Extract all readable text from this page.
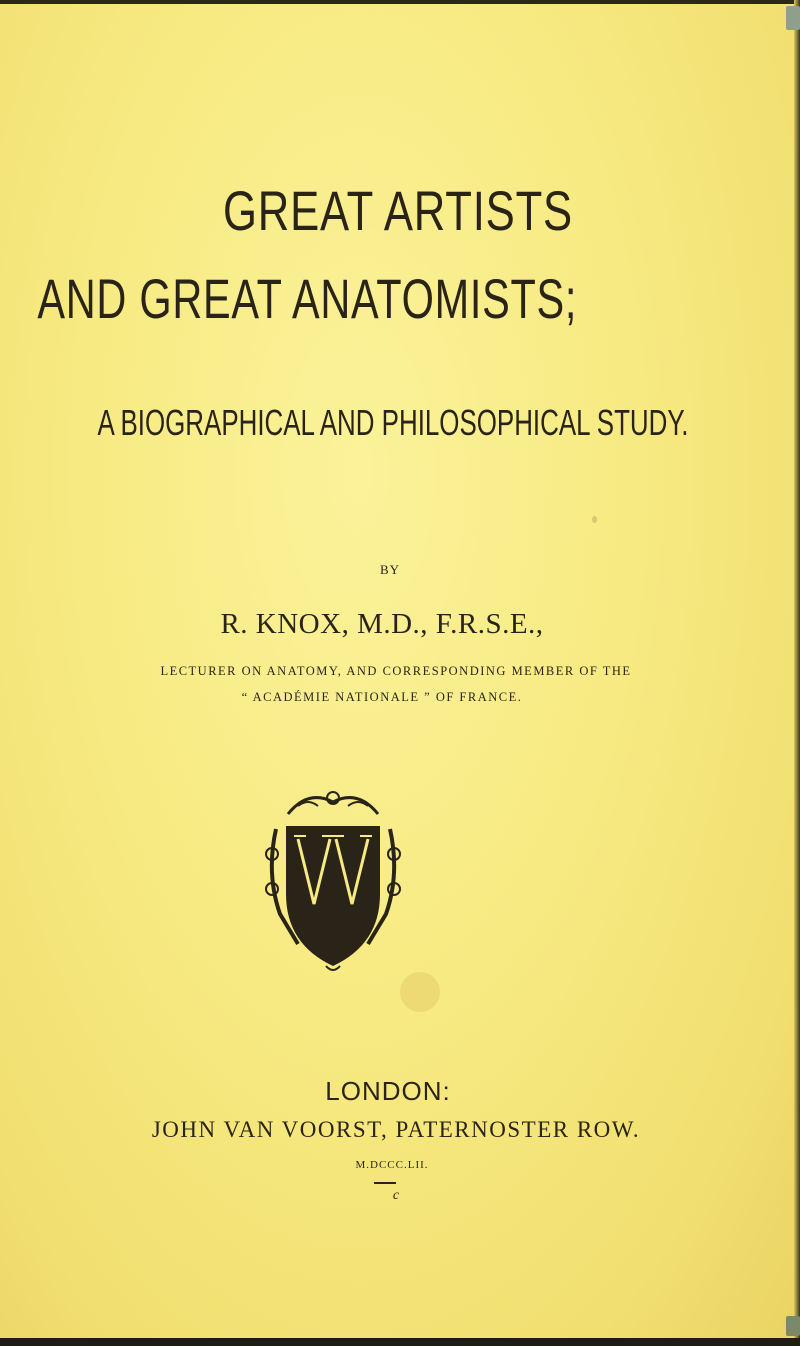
GREAT ARTISTS
AND GREAT ANATOMISTS;
A BIOGRAPHICAL AND PHILOSOPHICAL STUDY.
BY
R. KNOX, M.D., F.R.S.E.,
LECTURER ON ANATOMY, AND CORRESPONDING MEMBER OF THE
“ ACADÉMIE NATIONALE ” OF FRANCE.
LONDON:
JOHN VAN VOORST, PATERNOSTER ROW.
M.DCCC.LII.
c
